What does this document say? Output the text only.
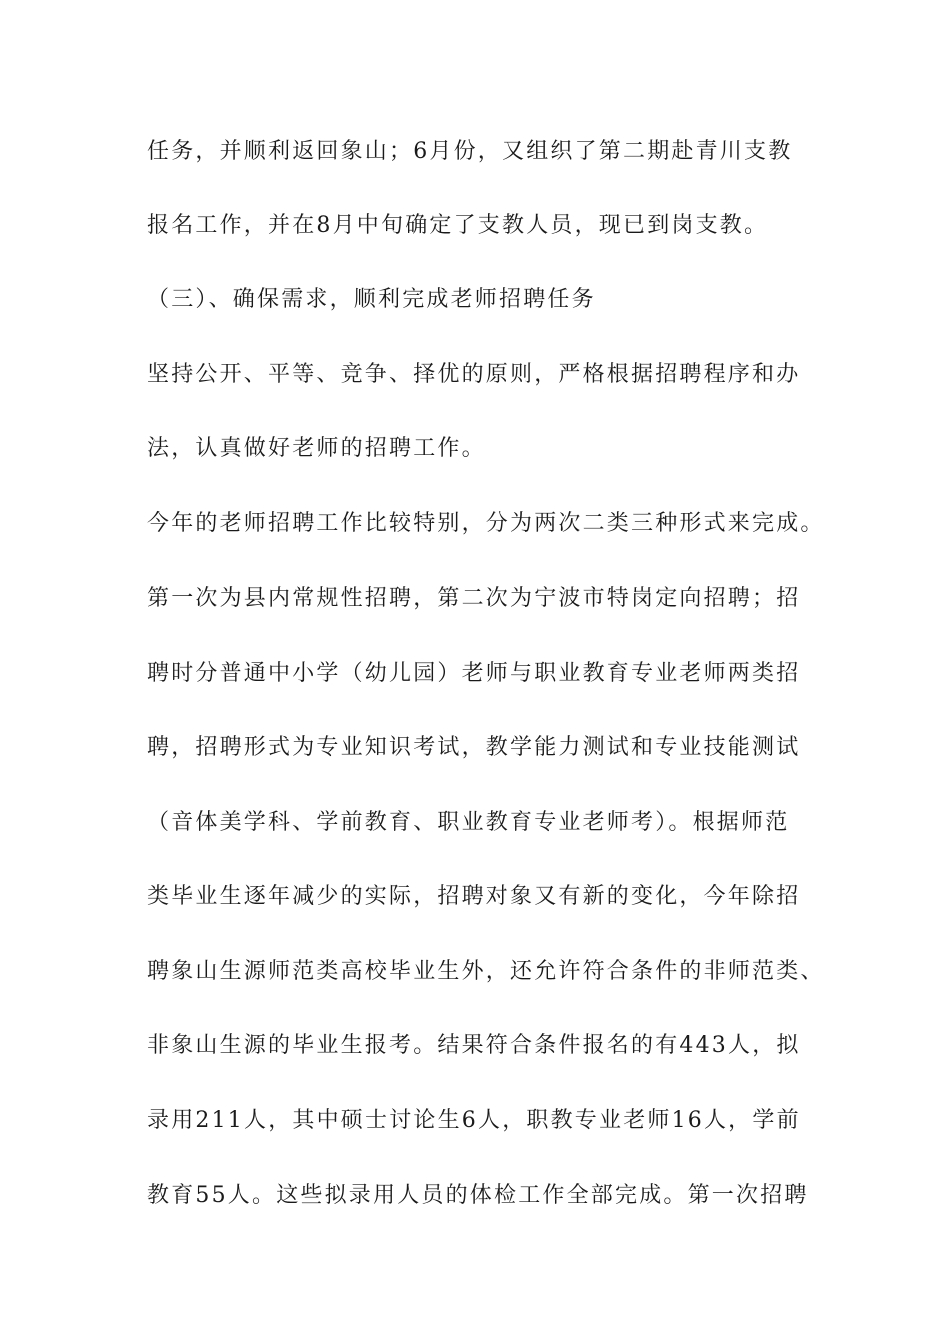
任务，并顺利返回象山；6月份，又组织了第二期赴青川支教
报名工作，并在8月中旬确定了支教人员，现已到岗支教。
（三）、确保需求，顺利完成老师招聘任务
坚持公开、平等、竞争、择优的原则，严格根据招聘程序和办
法，认真做好老师的招聘工作。
今年的老师招聘工作比较特别，分为两次二类三种形式来完成。
第一次为县内常规性招聘，第二次为宁波市特岗定向招聘；招
聘时分普通中小学（幼儿园）老师与职业教育专业老师两类招
聘，招聘形式为专业知识考试，教学能力测试和专业技能测试
（音体美学科、学前教育、职业教育专业老师考）。根据师范
类毕业生逐年减少的实际，招聘对象又有新的变化，今年除招
聘象山生源师范类高校毕业生外，还允许符合条件的非师范类、
非象山生源的毕业生报考。结果符合条件报名的有443人，拟
录用211人，其中硕士讨论生6人，职教专业老师16人，学前
教育55人。这些拟录用人员的体检工作全部完成。第一次招聘
